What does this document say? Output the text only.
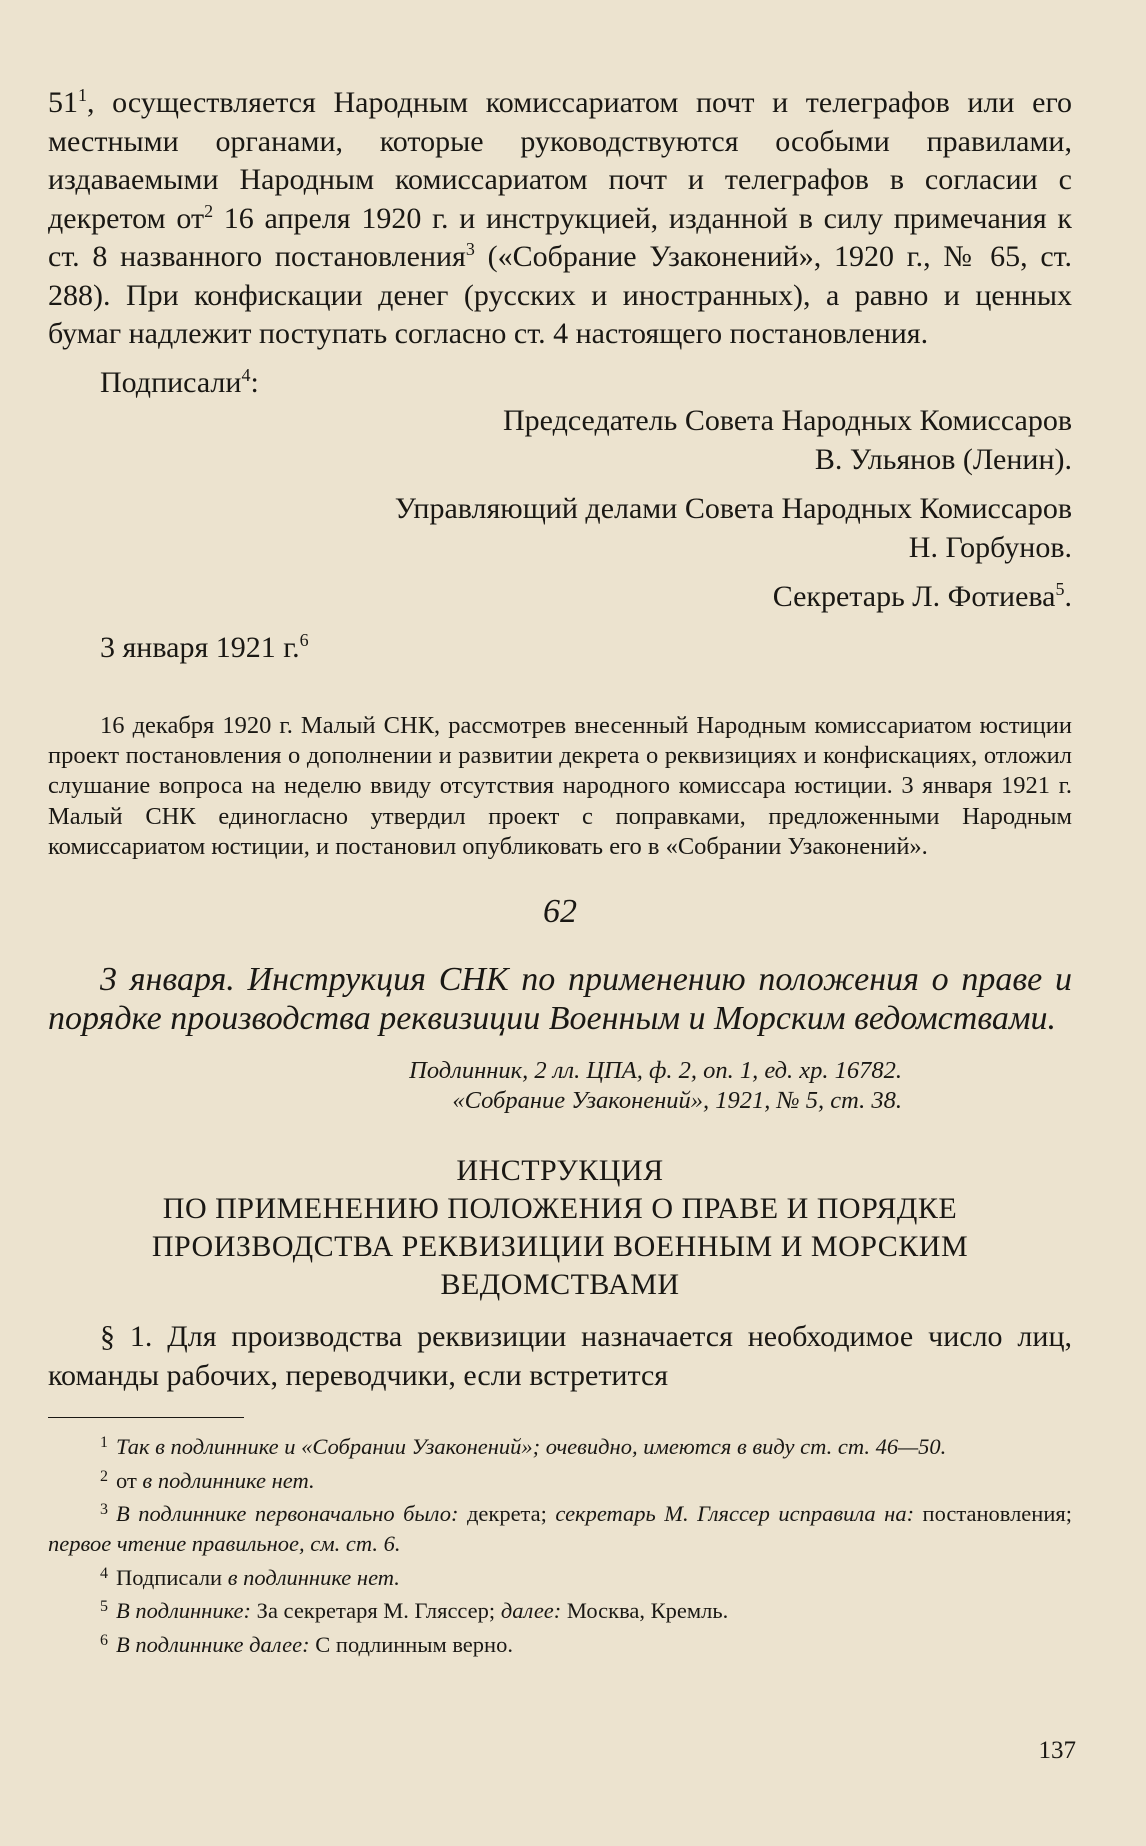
$51^1$, осуществляется Народным комиссариатом почт и телеграфов или его местными органами, которые руководствуются особыми правилами, издаваемыми Народным комиссариатом почт и телеграфов в согласии с декретом $от^2$ 16 апреля 1920 г. и инструкцией, изданной в силу примечания к ст. 8 названного постановления$^3$ («Собрание Узаконений», 1920 г., № 65, ст. 288). При конфискации денег (русских и иностранных), а равно и ценных бумаг надлежит поступать согласно ст. 4 настоящего постановления.

Подписали$^4$:

Председатель Совета Народных Комиссаров
В. Ульянов (Ленин).
Управляющий делами Совета Народных Комиссаров
Н. Горбунов.
Секретарь Л. Фотиева$^5$.

3 января 1921 г.$^6$

16 декабря 1920 г. Малый СНК, рассмотрев внесенный Народным комиссариатом юстиции проект постановления о дополнении и развитии декрета о реквизициях и конфискациях, отложил слушание вопроса на неделю ввиду отсутствия народного комиссара юстиции. 3 января 1921 г. Малый СНК единогласно утвердил проект с поправками, предложенными Народным комиссариатом юстиции, и постановил опубликовать его в «Собрании Узаконений».

62

3 января. Инструкция СНК по применению положения о праве и порядке производства реквизиции Военным и Морским ведомствами.

Подлинник, 2 лл. ЦПА, ф. 2, оп. 1, ед. хр. 16782.
«Собрание Узаконений», 1921, № 5, ст. 38.
ИНСТРУКЦИЯ
ПО ПРИМЕНЕНИЮ ПОЛОЖЕНИЯ О ПРАВЕ И ПОРЯДКЕ
ПРОИЗВОДСТВА РЕКВИЗИЦИИ ВОЕННЫМ И МОРСКИМ
ВЕДОМСТВАМИ

§ 1. Для производства реквизиции назначается необходимое число лиц, команды рабочих, переводчики, если встретится

$^1$ Так в подлиннике и «Собрании Узаконений»; очевидно, имеются в виду ст. ст. 46—50.

$^2$ от в подлиннике нет.

$^3$ В подлиннике первоначально было: декрета; секретарь М. Гляссер исправила на: постановления; первое чтение правильное, см. ст. 6.

$^4$ Подписали в подлиннике нет.

$^5$ В подлиннике: За секретаря М. Гляссер; далее: Москва, Кремль.

$^6$ В подлиннике далее: С подлинным верно.

137
